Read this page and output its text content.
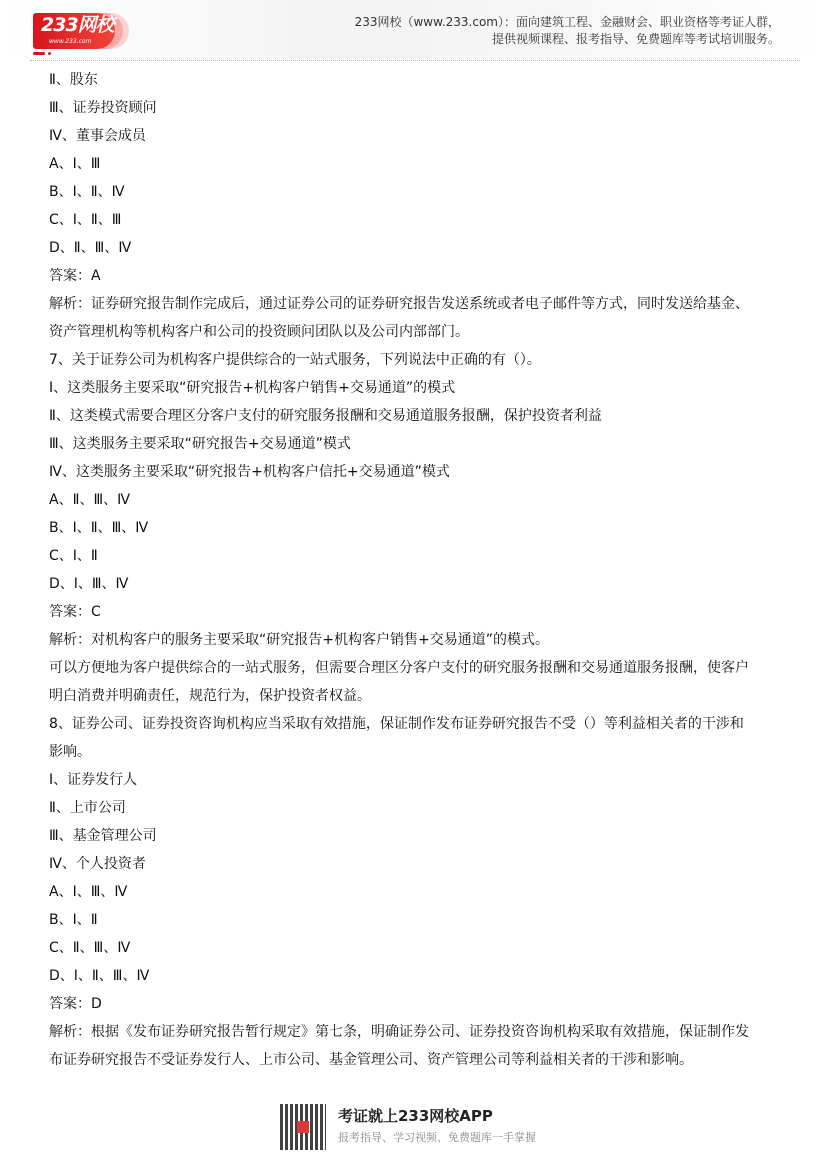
233网校
www.233.com
233网校（www.233.com）：面向建筑工程、金融财会、职业资格等考证人群，
提供视频课程、报考指导、免费题库等考试培训服务。
Ⅱ、股东
Ⅲ、证券投资顾问
Ⅳ、董事会成员
A、Ⅰ、Ⅲ
B、Ⅰ、Ⅱ、Ⅳ
C、Ⅰ、Ⅱ、Ⅲ
D、Ⅱ、Ⅲ、Ⅳ
答案：A
解析：证券研究报告制作完成后，通过证券公司的证券研究报告发送系统或者电子邮件等方式，同时发送给基金、
资产管理机构等机构客户和公司的投资顾问团队以及公司内部部门。
7、关于证券公司为机构客户提供综合的一站式服务，下列说法中正确的有（）。
Ⅰ、这类服务主要采取“研究报告+机构客户销售+交易通道”的模式
Ⅱ、这类模式需要合理区分客户支付的研究服务报酬和交易通道服务报酬，保护投资者利益
Ⅲ、这类服务主要采取“研究报告+交易通道”模式
Ⅳ、这类服务主要采取“研究报告+机构客户信托+交易通道”模式
A、Ⅱ、Ⅲ、Ⅳ
B、Ⅰ、Ⅱ、Ⅲ、Ⅳ
C、Ⅰ、Ⅱ
D、Ⅰ、Ⅲ、Ⅳ
答案：C
解析：对机构客户的服务主要采取“研究报告+机构客户销售+交易通道”的模式。
可以方便地为客户提供综合的一站式服务，但需要合理区分客户支付的研究服务报酬和交易通道服务报酬，使客户
明白消费并明确责任，规范行为，保护投资者权益。
8、证券公司、证券投资咨询机构应当采取有效措施，保证制作发布证券研究报告不受（）等利益相关者的干涉和
影响。
Ⅰ、证券发行人
Ⅱ、上市公司
Ⅲ、基金管理公司
Ⅳ、个人投资者
A、Ⅰ、Ⅲ、Ⅳ
B、Ⅰ、Ⅱ
C、Ⅱ、Ⅲ、Ⅳ
D、Ⅰ、Ⅱ、Ⅲ、Ⅳ
答案：D
解析：根据《发布证券研究报告暂行规定》第七条，明确证券公司、证券投资咨询机构采取有效措施，保证制作发
布证券研究报告不受证券发行人、上市公司、基金管理公司、资产管理公司等利益相关者的干涉和影响。
考证就上233网校APP
报考指导、学习视频、免费题库一手掌握
